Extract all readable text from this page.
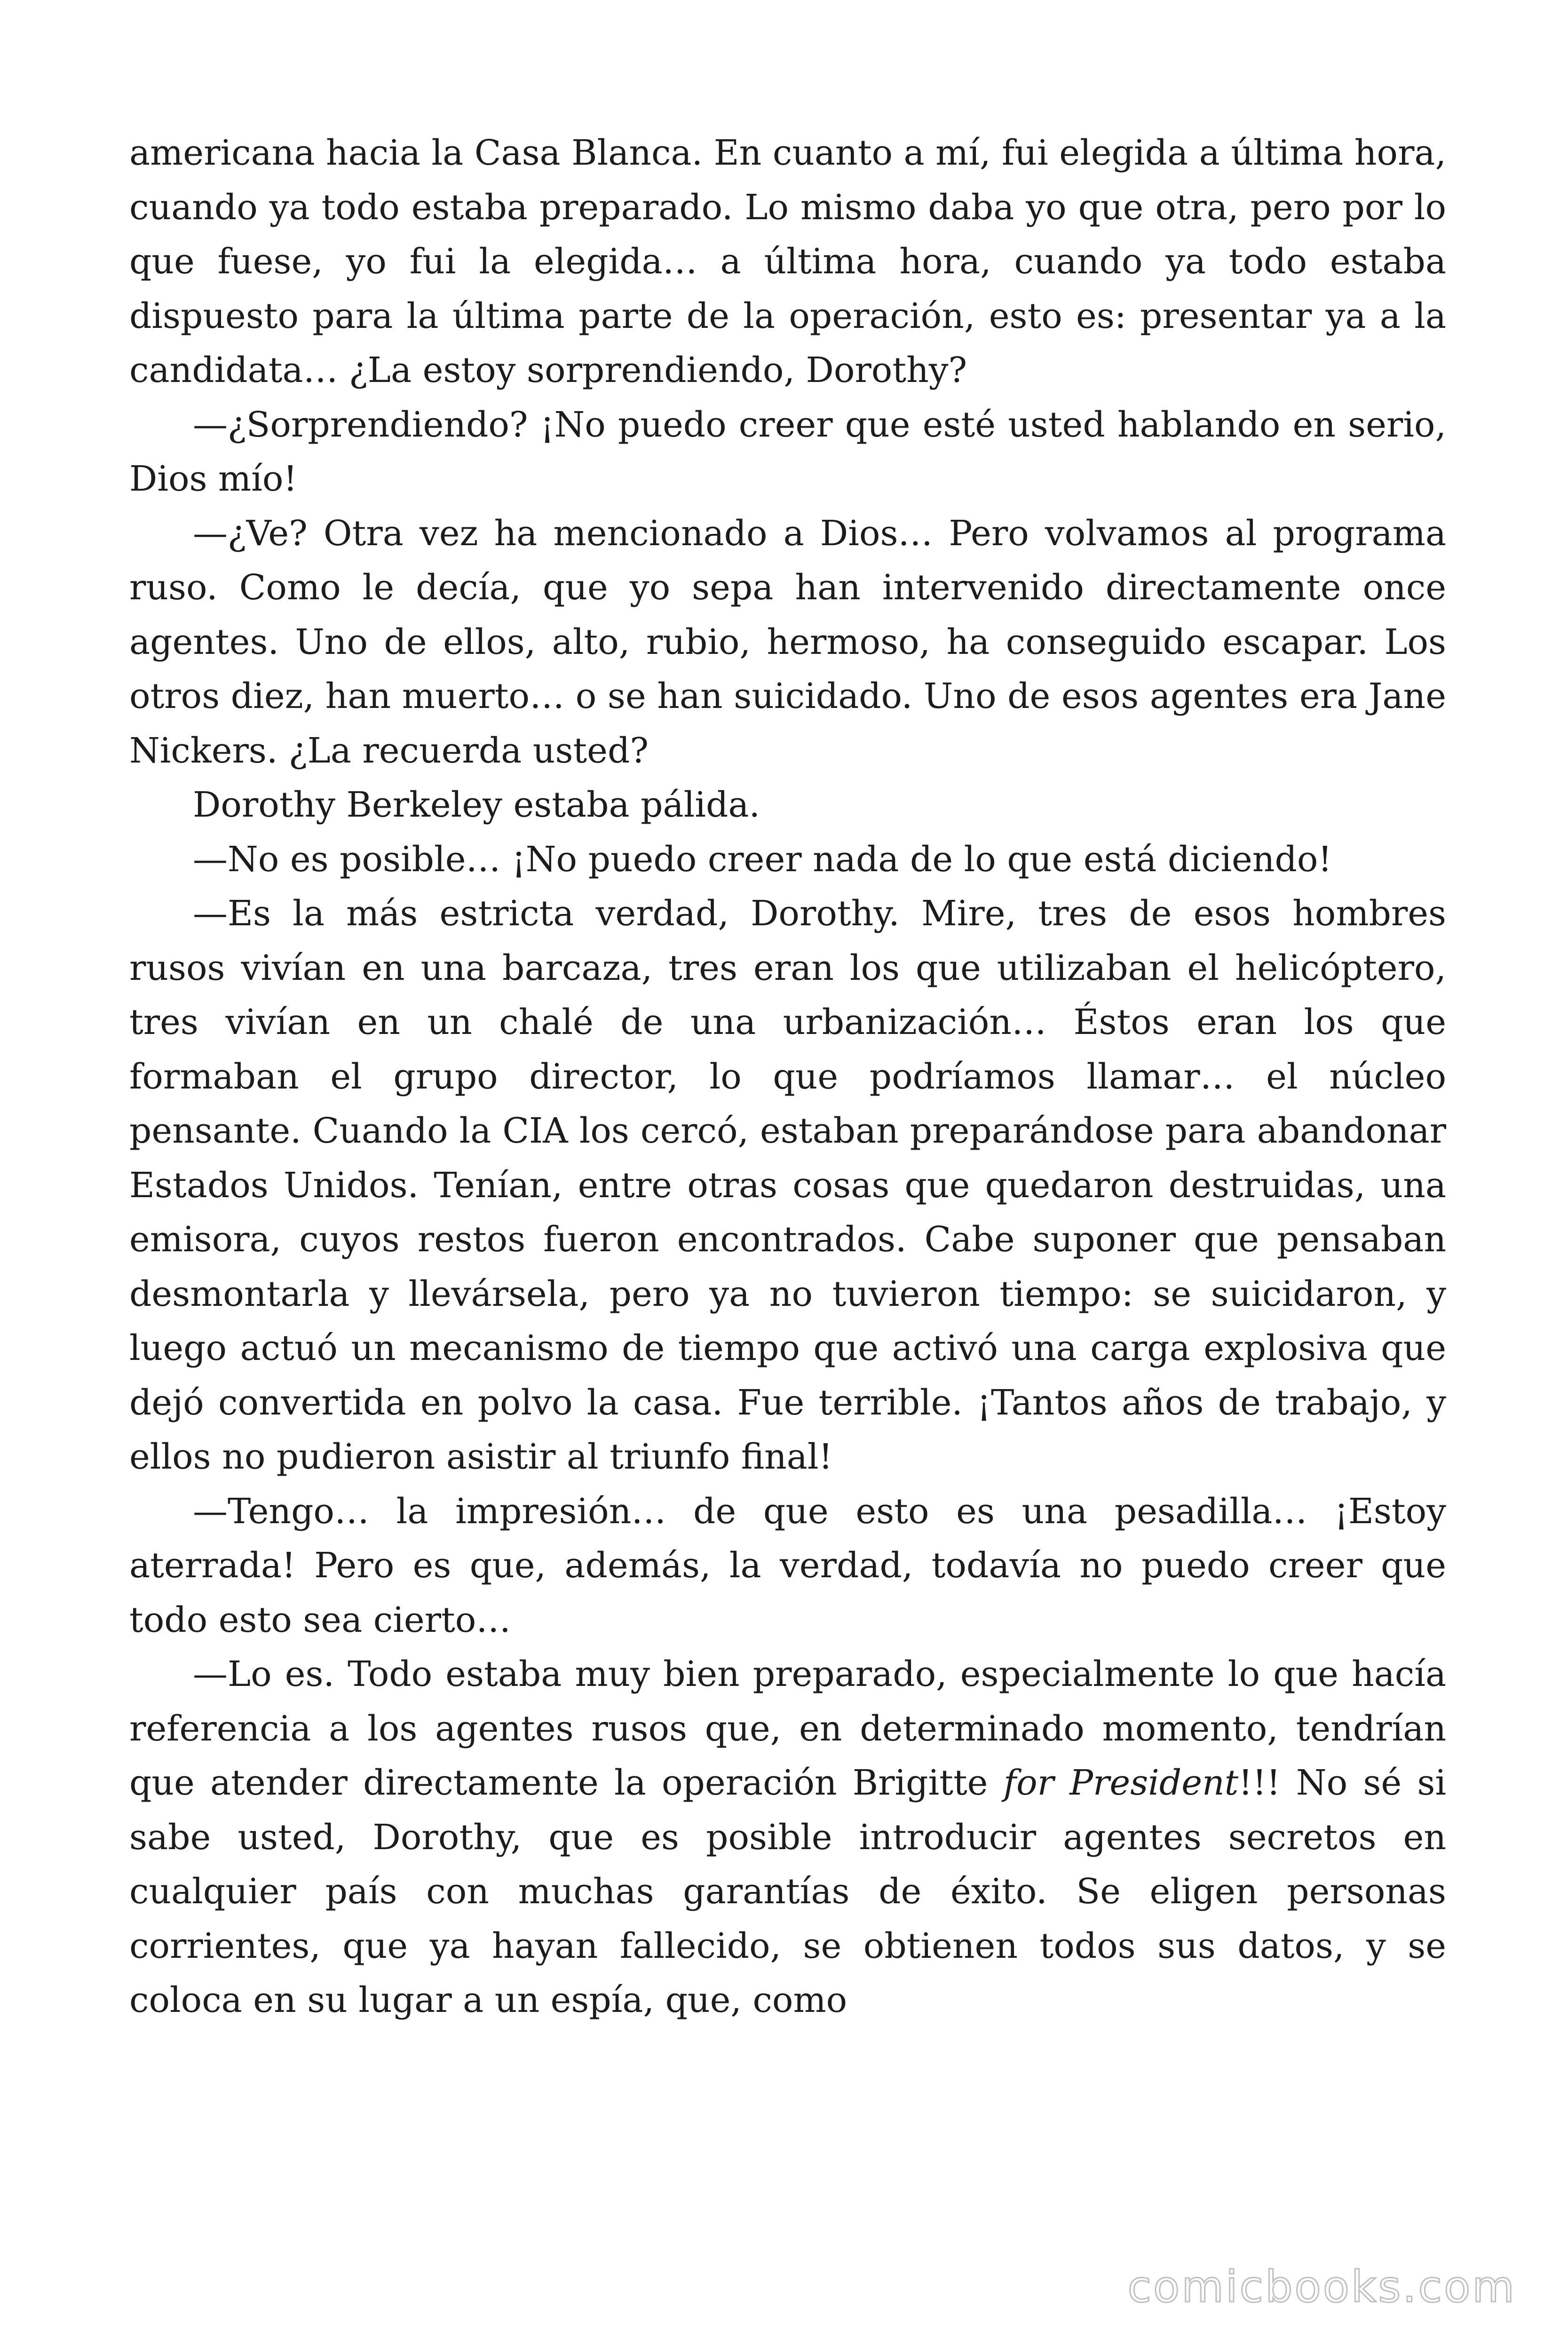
americana hacia la Casa Blanca. En cuanto a mí, fui elegida a última hora, cuando ya todo estaba preparado. Lo mismo daba yo que otra, pero por lo que fuese, yo fui la elegida… a última hora, cuando ya todo estaba dispuesto para la última parte de la operación, esto es: presentar ya a la candidata… ¿La estoy sorprendiendo, Dorothy?

—¿Sorprendiendo? ¡No puedo creer que esté usted hablando en serio, Dios mío!

—¿Ve? Otra vez ha mencionado a Dios… Pero volvamos al programa ruso. Como le decía, que yo sepa han intervenido directamente once agentes. Uno de ellos, alto, rubio, hermoso, ha conseguido escapar. Los otros diez, han muerto… o se han suicidado. Uno de esos agentes era Jane Nickers. ¿La recuerda usted?

Dorothy Berkeley estaba pálida.

—No es posible… ¡No puedo creer nada de lo que está diciendo!

—Es la más estricta verdad, Dorothy. Mire, tres de esos hombres rusos vivían en una barcaza, tres eran los que utilizaban el helicóptero, tres vivían en un chalé de una urbanización… Éstos eran los que formaban el grupo director, lo que podríamos llamar… el núcleo pensante. Cuando la CIA los cercó, estaban preparándose para abandonar Estados Unidos. Tenían, entre otras cosas que quedaron destruidas, una emisora, cuyos restos fueron encontrados. Cabe suponer que pensaban desmontarla y llevársela, pero ya no tuvieron tiempo: se suicidaron, y luego actuó un mecanismo de tiempo que activó una carga explosiva que dejó convertida en polvo la casa. Fue terrible. ¡Tantos años de trabajo, y ellos no pudieron asistir al triunfo final!

—Tengo… la impresión… de que esto es una pesadilla… ¡Estoy aterrada! Pero es que, además, la verdad, todavía no puedo creer que todo esto sea cierto…

—Lo es. Todo estaba muy bien preparado, especialmente lo que hacía referencia a los agentes rusos que, en determinado momento, tendrían que atender directamente la operación Brigitte for President!!! No sé si sabe usted, Dorothy, que es posible introducir agentes secretos en cualquier país con muchas garantías de éxito. Se eligen personas corrientes, que ya hayan fallecido, se obtienen todos sus datos, y se coloca en su lugar a un espía, que, como

comicbooks.com
